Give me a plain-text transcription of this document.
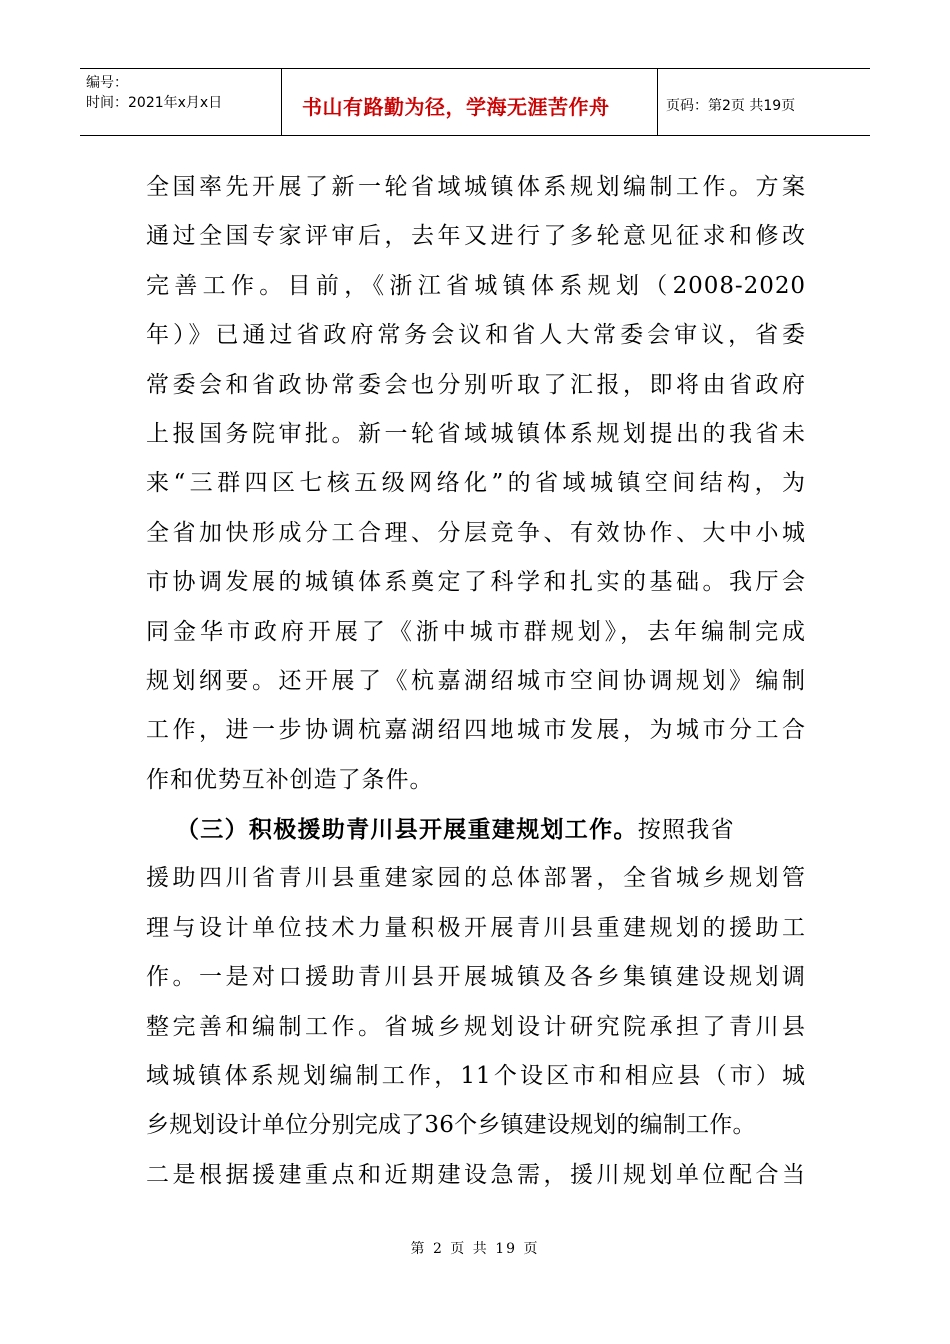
编号：
时间：2021年x月x日	书山有路勤为径，学海无涯苦作舟	页码：第2页 共19页
全国率先开展了新一轮省域城镇体系规划编制工作。方案
通过全国专家评审后，去年又进行了多轮意见征求和修改
完善工作。目前，《浙江省城镇体系规划（2008-2020
年）》已通过省政府常务会议和省人大常委会审议，省委
常委会和省政协常委会也分别听取了汇报，即将由省政府
上报国务院审批。新一轮省域城镇体系规划提出的我省未
来“三群四区七核五级网络化”的省域城镇空间结构，为
全省加快形成分工合理、分层竞争、有效协作、大中小城
市协调发展的城镇体系奠定了科学和扎实的基础。我厅会
同金华市政府开展了《浙中城市群规划》，去年编制完成
规划纲要。还开展了《杭嘉湖绍城市空间协调规划》编制
工作，进一步协调杭嘉湖绍四地城市发展，为城市分工合
作和优势互补创造了条件。
（三）积极援助青川县开展重建规划工作。按照我省
援助四川省青川县重建家园的总体部署，全省城乡规划管
理与设计单位技术力量积极开展青川县重建规划的援助工
作。一是对口援助青川县开展城镇及各乡集镇建设规划调
整完善和编制工作。省城乡规划设计研究院承担了青川县
域城镇体系规划编制工作，11个设区市和相应县（市）城
乡规划设计单位分别完成了36个乡镇建设规划的编制工作。
二是根据援建重点和近期建设急需，援川规划单位配合当
第 2 页 共 19 页
